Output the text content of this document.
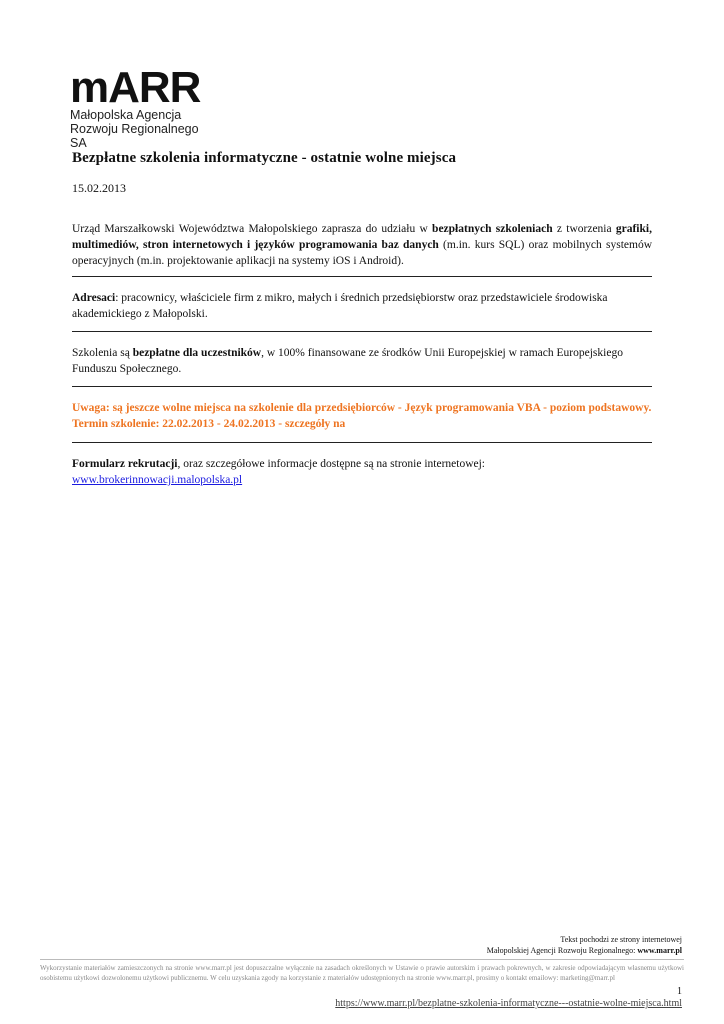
mARR
Małopolska Agencja
Rozwoju Regionalnego SA
Bezpłatne szkolenia informatyczne - ostatnie wolne miejsca
15.02.2013
Urząd Marszałkowski Województwa Małopolskiego zaprasza do udziału w bezpłatnych szkoleniach z tworzenia grafiki, multimediów, stron internetowych i języków programowania baz danych (m.in. kurs SQL) oraz mobilnych systemów operacyjnych (m.in. projektowanie aplikacji na systemy iOS i Android).
Adresaci: pracownicy, właściciele firm z mikro, małych i średnich przedsiębiorstw oraz przedstawiciele środowiska akademickiego z Małopolski.
Szkolenia są bezpłatne dla uczestników, w 100% finansowane ze środków Unii Europejskiej w ramach Europejskiego Funduszu Społecznego.
Uwaga: są jeszcze wolne miejsca na szkolenie dla przedsiębiorców - Język programowania VBA - poziom podstawowy.
Termin szkolenie: 22.02.2013 - 24.02.2013 - szczegóły na
Formularz rekrutacji, oraz szczegółowe informacje dostępne są na stronie internetowej: www.brokerinnowacji.malopolska.pl
Tekst pochodzi ze strony internetowej
Małopolskiej Agencji Rozwoju Regionalnego: www.marr.pl
Wykorzystanie materiałów zamieszczonych na stronie www.marr.pl jest dopuszczalne wyłącznie na zasadach określonych w Ustawie o prawie autorskim i prawach pokrewnych, w zakresie odpowiadającym własnemu użytkowi osobistemu użytkowi dozwolonemu użytkowi publicznemu. W celu uzyskania zgody na korzystanie z materiałów udostępnionych na stronie www.marr.pl, prosimy o kontakt emailowy: marketing@marr.pl
1
https://www.marr.pl/bezplatne-szkolenia-informatyczne---ostatnie-wolne-miejsca.html
